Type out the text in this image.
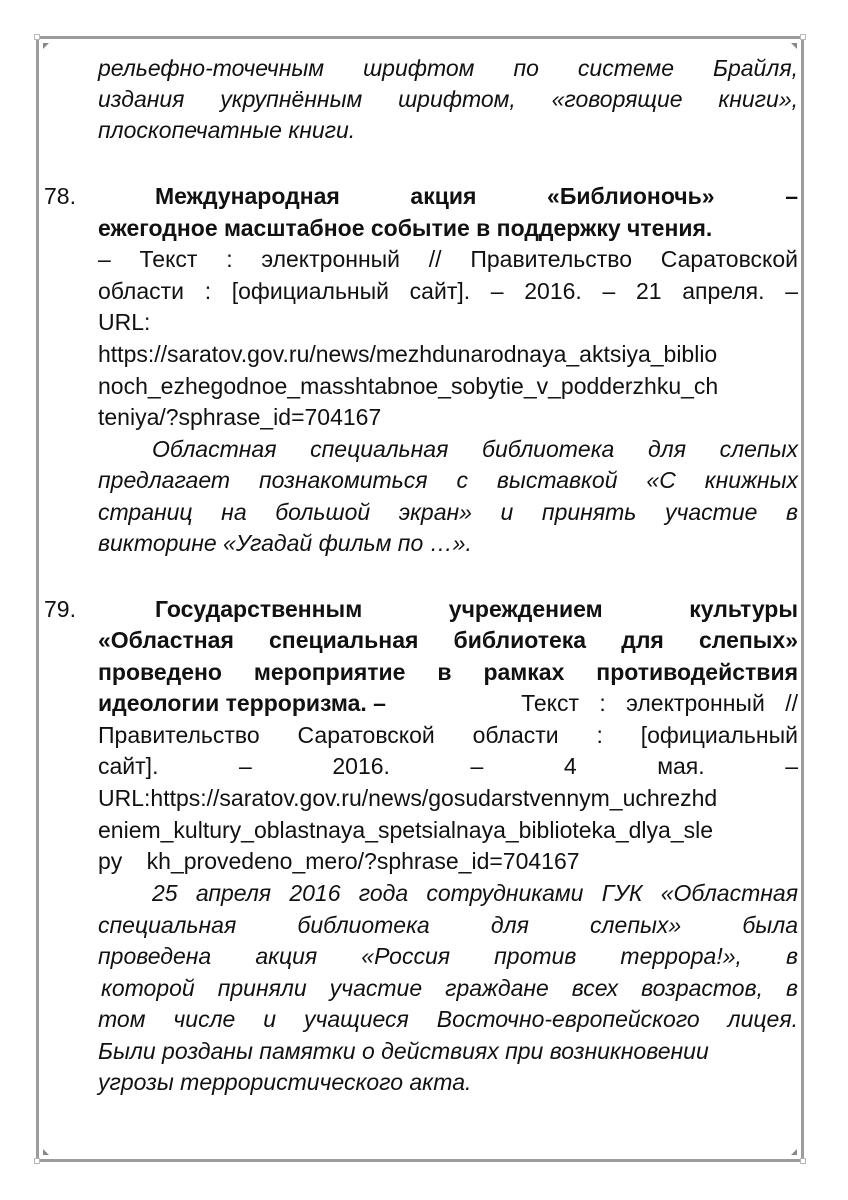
рельефно-точечным шрифтом по системе Брайля,
издания укрупнённым шрифтом, «говорящие книги»,
плоскопечатные книги.
78.	Международная акция «Библионочь» –
ежегодное масштабное событие в поддержку чтения.
– Текст : электронный // Правительство Саратовской
области : [официальный сайт]. – 2016. – 21 апреля. –
URL:
https://saratov.gov.ru/news/mezhdunarodnaya_aktsiya_biblio
noch_ezhegodnoe_masshtabnoe_sobytie_v_podderzhku_ch
teniya/?sphrase_id=704167
Областная специальная библиотека для слепых
предлагает познакомиться с выставкой «С книжных
страниц на большой экран» и принять участие в
викторине «Угадай фильм по …».
79.	Государственным учреждением культуры
«Областная специальная библиотека для слепых»
проведено мероприятие в рамках противодействия
идеологии терроризма. –	Текст : электронный //
Правительство Саратовской области : [официальный
сайт]. – 2016. – 4 мая. –
URL:https://saratov.gov.ru/news/gosudarstvennym_uchrezhd
eniem_kultury_oblastnaya_spetsialnaya_biblioteka_dlya_sle
py kh_provedeno_mero/?sphrase_id=704167
25 апреля 2016 года сотрудниками ГУК «Областная
специальная библиотека для слепых» была
проведена акция «Россия против террора!», в
которой приняли участие граждане всех возрастов, в
том числе и учащиеся Восточно-европейского лицея.
Были розданы памятки о действиях при возникновении
угрозы террористического акта.
